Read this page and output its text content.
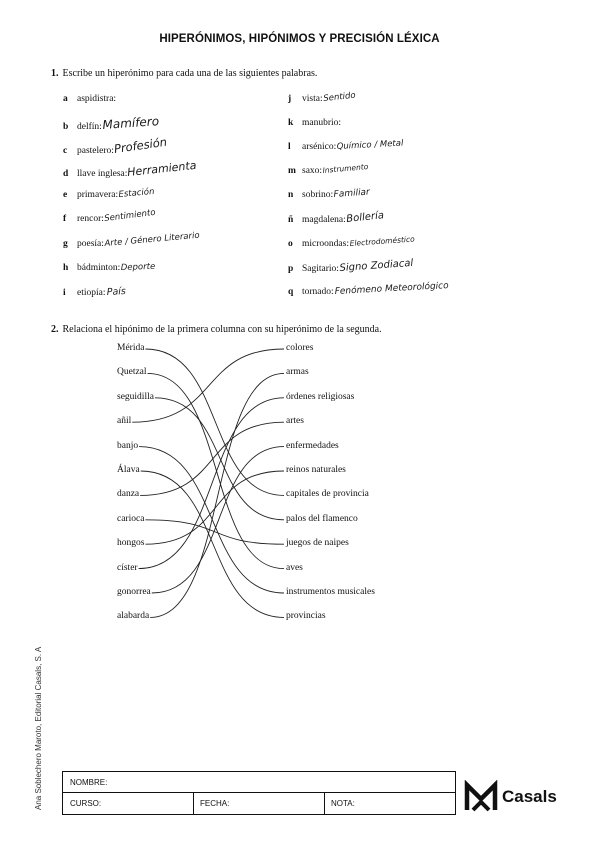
HIPERÓNIMOS, HIPÓNIMOS Y PRECISIÓN LÉXICA
1. Escribe un hiperónimo para cada una de las siguientes palabras.
a aspidistra:
b delfín:Mamífero
c pastelero:Profesión
d llave inglesa:Herramienta
e primavera:Estación
f rencor:Sentimiento
g poesía:Arte / Género Literario
h bádminton:Deporte
i etiopía:País
j vista:Sentido
k manubrio:
l arsénico:Químico / Metal
m saxo:Instrumento
n sobrino:Familiar
ñ magdalena:Bollería
o microondas:Electrodoméstico
p Sagitario:Signo Zodiacal
q tornado:Fenómeno Meteorológico
2. Relaciona el hipónimo de la primera columna con su hiperónimo de la segunda.
Mérida
Quetzal
seguidilla
añil
banjo
Álava
danza
carioca
hongos
císter
gonorrea
alabarda
colores
armas
órdenes religiosas
artes
enfermedades
reinos naturales
capitales de provincia
palos del flamenco
juegos de naipes
aves
instrumentos musicales
provincias
Ana Soblechero Maroto, Editorial Casals, S. A	NOMBRE:
CURSO:	FECHA:	NOTA:	Casals
